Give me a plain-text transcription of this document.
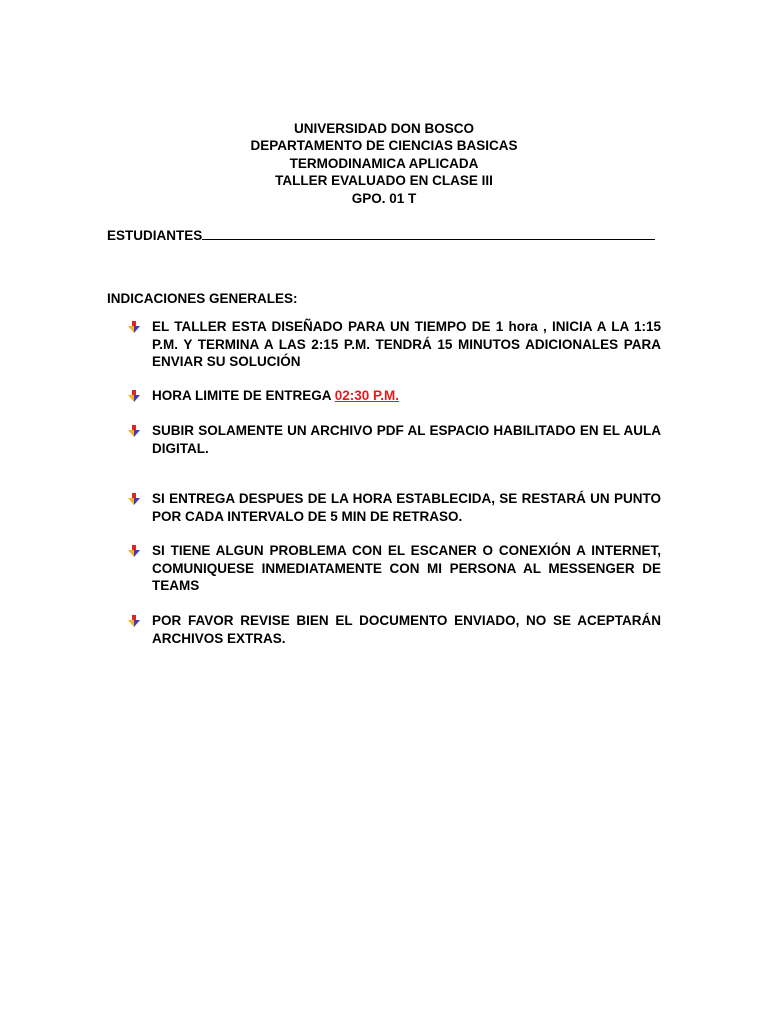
UNIVERSIDAD DON BOSCO
DEPARTAMENTO DE CIENCIAS BASICAS
TERMODINAMICA APLICADA
TALLER EVALUADO EN CLASE III
GPO. 01 T
ESTUDIANTES
INDICACIONES GENERALES:
EL TALLER ESTA DISEÑADO PARA UN TIEMPO DE 1 hora , INICIA A LA 1:15 P.M. Y TERMINA A LAS 2:15 P.M. TENDRÁ 15 MINUTOS ADICIONALES PARA ENVIAR SU SOLUCIÓN
HORA LIMITE DE ENTREGA 02:30 P.M.
SUBIR SOLAMENTE UN ARCHIVO PDF AL ESPACIO HABILITADO EN EL AULA DIGITAL.
SI ENTREGA DESPUES DE LA HORA ESTABLECIDA, SE RESTARÁ UN PUNTO POR CADA INTERVALO DE 5 MIN DE RETRASO.
SI TIENE ALGUN PROBLEMA CON EL ESCANER O CONEXIÓN A INTERNET, COMUNIQUESE INMEDIATAMENTE CON MI PERSONA AL MESSENGER DE TEAMS
POR FAVOR REVISE BIEN EL DOCUMENTO ENVIADO, NO SE ACEPTARÁN ARCHIVOS EXTRAS.
